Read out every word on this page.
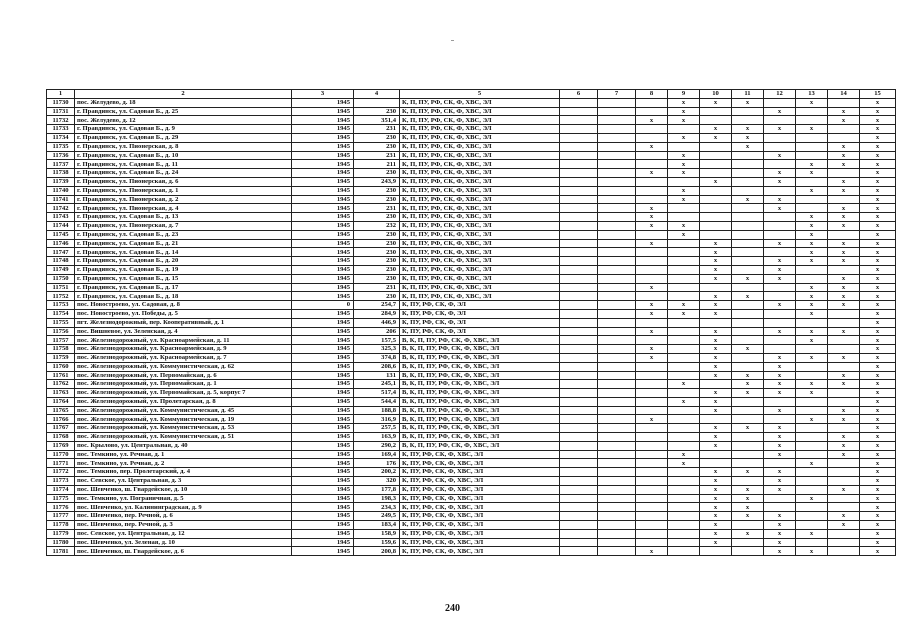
1	2	3	4	5	6	7	8	9	10	11	12	13	14	15
11730	пос. Желудево, д. 18	1945		К, П, ПУ, РФ, СК, Ф, ХВС, ЭЛ				x	x	x		x		x
11731	г. Правдинск, ул. Садовая Б., д. 25	1945	230	К, П, ПУ, РФ, СК, Ф, ХВС, ЭЛ				x			x		x	x
11732	пос. Желудево, д. 12	1945	351,4	К, П, ПУ, РФ, СК, Ф, ХВС, ЭЛ			x	x					x	x
11733	г. Правдинск, ул. Садовая Б., д. 9	1945	231	К, П, ПУ, РФ, СК, Ф, ХВС, ЭЛ					x	x	x	x		x
11734	г. Правдинск, ул. Садовая Б., д. 29	1945	230	К, П, ПУ, РФ, СК, Ф, ХВС, ЭЛ				x	x	x				x
11735	г. Правдинск, ул. Пионерская, д. 8	1945	230	К, П, ПУ, РФ, СК, Ф, ХВС, ЭЛ			x			x			x	x
11736	г. Правдинск, ул. Садовая Б., д. 10	1945	231	К, П, ПУ, РФ, СК, Ф, ХВС, ЭЛ				x			x		x	x
11737	г. Правдинск, ул. Садовая Б., д. 11	1945	211	К, П, ПУ, РФ, СК, Ф, ХВС, ЭЛ				x				x	x	x
11738	г. Правдинск, ул. Садовая Б., д. 24	1945	230	К, П, ПУ, РФ, СК, Ф, ХВС, ЭЛ			x	x			x	x		x
11739	г. Правдинск, ул. Пионерская, д. 6	1945	243,9	К, П, ПУ, РФ, СК, Ф, ХВС, ЭЛ					x		x		x	x
11740	г. Правдинск, ул. Пионерская, д. 1	1945	230	К, П, ПУ, РФ, СК, Ф, ХВС, ЭЛ				x				x	x	x
11741	г. Правдинск, ул. Пионерская, д. 2	1945	230	К, П, ПУ, РФ, СК, Ф, ХВС, ЭЛ				x		x	x			x
11742	г. Правдинск, ул. Пионерская, д. 4	1945	231	К, П, ПУ, РФ, СК, Ф, ХВС, ЭЛ			x				x		x	x
11743	г. Правдинск, ул. Садовая Б., д. 13	1945	230	К, П, ПУ, РФ, СК, Ф, ХВС, ЭЛ			x					x	x	x
11744	г. Правдинск, ул. Пионерская, д. 7	1945	232	К, П, ПУ, РФ, СК, Ф, ХВС, ЭЛ			x	x				x	x	x
11745	г. Правдинск, ул. Садовая Б., д. 23	1945	230	К, П, ПУ, РФ, СК, Ф, ХВС, ЭЛ				x				x		x
11746	г. Правдинск, ул. Садовая Б., д. 21	1945	230	К, П, ПУ, РФ, СК, Ф, ХВС, ЭЛ			x		x		x	x	x	x
11747	г. Правдинск, ул. Садовая Б., д. 14	1945	230	К, П, ПУ, РФ, СК, Ф, ХВС, ЭЛ					x			x	x	x
11748	г. Правдинск, ул. Садовая Б., д. 20	1945	230	К, П, ПУ, РФ, СК, Ф, ХВС, ЭЛ					x		x	x	x	x
11749	г. Правдинск, ул. Садовая Б., д. 19	1945	230	К, П, ПУ, РФ, СК, Ф, ХВС, ЭЛ					x		x			x
11750	г. Правдинск, ул. Садовая Б., д. 15	1945	230	К, П, ПУ, РФ, СК, Ф, ХВС, ЭЛ					x	x	x		x	x
11751	г. Правдинск, ул. Садовая Б., д. 17	1945	231	К, П, ПУ, РФ, СК, Ф, ХВС, ЭЛ			x					x	x	x
11752	г. Правдинск, ул. Садовая Б., д. 18	1945	230	К, П, ПУ, РФ, СК, Ф, ХВС, ЭЛ					x	x		x	x	x
11753	пос. Новостроево, ул. Садовая, д. 8	0	254,7	К, ПУ, РФ, СК, Ф, ЭЛ			x	x	x		x	x	x	x
11754	пос. Новостроево, ул. Победы, д. 5	1945	284,9	К, ПУ, РФ, СК, Ф, ЭЛ			x	x	x			x		x
11755	пгт. Железнодорожный, пер. Кооперативный, д. 1	1945	446,9	К, ПУ, РФ, СК, Ф, ЭЛ										x
11756	пос. Вишневое, ул. Зеленская, д. 4	1945	206	К, ПУ, РФ, СК, Ф, ЭЛ			x		x		x	x	x	x
11757	пос. Железнодорожный, ул. Красноармейская, д. 11	1945	157,5	В, К, П, ПУ, РФ, СК, Ф, ХВС, ЭЛ					x			x		x
11758	пос. Железнодорожный, ул. Красноармейская, д. 9	1945	325,3	В, К, П, ПУ, РФ, СК, Ф, ХВС, ЭЛ			x		x	x				x
11759	пос. Железнодорожный, ул. Красноармейская, д. 7	1945	374,8	В, К, П, ПУ, РФ, СК, Ф, ХВС, ЭЛ			x		x		x	x	x	x
11760	пос. Железнодорожный, ул. Коммунистическая, д. 62	1945	208,6	В, К, П, ПУ, РФ, СК, Ф, ХВС, ЭЛ					x		x			x
11761	пос. Железнодорожный, ул. Первомайская, д. 6	1945	131	В, К, П, ПУ, РФ, СК, Ф, ХВС, ЭЛ					x	x	x		x	x
11762	пос. Железнодорожный, ул. Первомайская, д. 1	1945	245,1	В, К, П, ПУ, РФ, СК, Ф, ХВС, ЭЛ				x		x	x	x	x	x
11763	пос. Железнодорожный, ул. Первомайская, д. 5, корпус 7	1945	517,4	В, К, П, ПУ, РФ, СК, Ф, ХВС, ЭЛ					x	x	x	x		x
11764	пос. Железнодорожный, ул. Пролетарская, д. 8	1945	544,4	В, К, П, ПУ, РФ, СК, Ф, ХВС, ЭЛ				x	x					x
11765	пос. Железнодорожный, ул. Коммунистическая, д. 45	1945	188,8	В, К, П, ПУ, РФ, СК, Ф, ХВС, ЭЛ					x		x		x	x
11766	пос. Железнодорожный, ул. Коммунистическая, д. 19	1945	316,9	В, К, П, ПУ, РФ, СК, Ф, ХВС, ЭЛ			x					x	x	x
11767	пос. Железнодорожный, ул. Коммунистическая, д. 53	1945	257,5	В, К, П, ПУ, РФ, СК, Ф, ХВС, ЭЛ					x	x	x			x
11768	пос. Железнодорожный, ул. Коммунистическая, д. 51	1945	163,9	В, К, П, ПУ, РФ, СК, Ф, ХВС, ЭЛ					x		x		x	x
11769	пос. Крылово, ул. Центральная, д. 40	1945	290,2	В, К, П, ПУ, РФ, СК, Ф, ХВС, ЭЛ					x		x		x	x
11770	пос. Темкино, ул. Речная, д. 1	1945	169,4	К, ПУ, РФ, СК, Ф, ХВС, ЭЛ				x			x		x	x
11771	пос. Темкино, ул. Речная, д. 2	1945	176	К, ПУ, РФ, СК, Ф, ХВС, ЭЛ				x				x		x
11772	пос. Темкино, пер. Пролетарский, д. 4	1945	200,2	К, ПУ, РФ, СК, Ф, ХВС, ЭЛ					x	x	x			x
11773	пос. Севское, ул. Центральная, д. 3	1945	320	К, ПУ, РФ, СК, Ф, ХВС, ЭЛ					x		x			x
11774	пос. Шевченко, ш. Гвардейское, д. 10	1945	177,8	К, ПУ, РФ, СК, Ф, ХВС, ЭЛ					x	x	x		x	x
11775	пос. Темкино, ул. Пограничная, д. 5	1945	198,3	К, ПУ, РФ, СК, Ф, ХВС, ЭЛ					x	x		x		x
11776	пос. Шевченко, ул. Калининградская, д. 9	1945	234,3	К, ПУ, РФ, СК, Ф, ХВС, ЭЛ					x	x				x
11777	пос. Шевченко, пер. Речной, д. 6	1945	249,5	К, ПУ, РФ, СК, Ф, ХВС, ЭЛ					x	x	x		x	x
11778	пос. Шевченко, пер. Речной, д. 3	1945	183,4	К, ПУ, РФ, СК, Ф, ХВС, ЭЛ					x		x		x	x
11779	пос. Севское, ул. Центральная, д. 12	1945	158,9	К, ПУ, РФ, СК, Ф, ХВС, ЭЛ					x	x	x	x		x
11780	пос. Шевченко, ул. Зеленая, д. 10	1945	159,6	К, ПУ, РФ, СК, Ф, ХВС, ЭЛ					x		x			x
11781	пос. Шевченко, ш. Гвардейское, д. 6	1945	200,8	К, ПУ, РФ, СК, Ф, ХВС, ЭЛ			x				x	x		x
240
